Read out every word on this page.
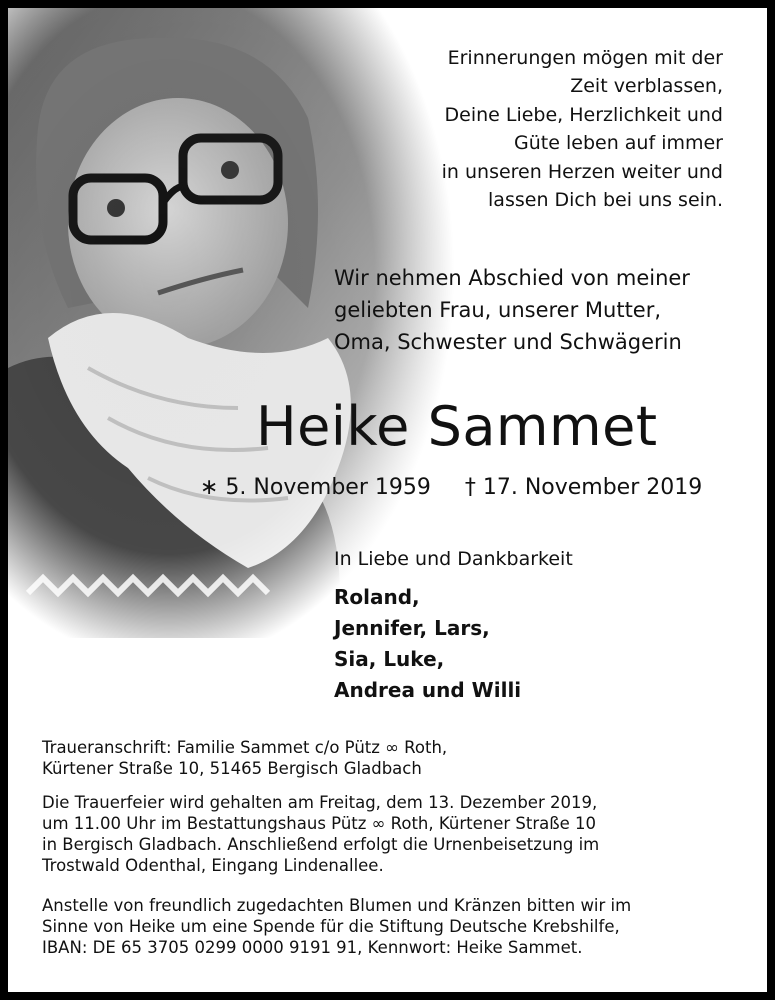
Erinnerungen mögen mit der
Zeit verblassen,
Deine Liebe, Herzlichkeit und
Güte leben auf immer
in unseren Herzen weiter und
lassen Dich bei uns sein.
Wir nehmen Abschied von meiner
geliebten Frau, unserer Mutter,
Oma, Schwester und Schwägerin
Heike Sammet
∗ 5. November 1959 † 17. November 2019
In Liebe und Dankbarkeit
Roland,
Jennifer, Lars,
Sia, Luke,
Andrea und Willi
Traueranschrift: Familie Sammet c/o Pütz ∞ Roth,
Kürtener Straße 10, 51465 Bergisch Gladbach
Die Trauerfeier wird gehalten am Freitag, dem 13. Dezember 2019,
um 11.00 Uhr im Bestattungshaus Pütz ∞ Roth, Kürtener Straße 10
in Bergisch Gladbach. Anschließend erfolgt die Urnenbeisetzung im
Trostwald Odenthal, Eingang Lindenallee.
Anstelle von freundlich zugedachten Blumen und Kränzen bitten wir im
Sinne von Heike um eine Spende für die Stiftung Deutsche Krebshilfe,
IBAN: DE 65 3705 0299 0000 9191 91, Kennwort: Heike Sammet.
